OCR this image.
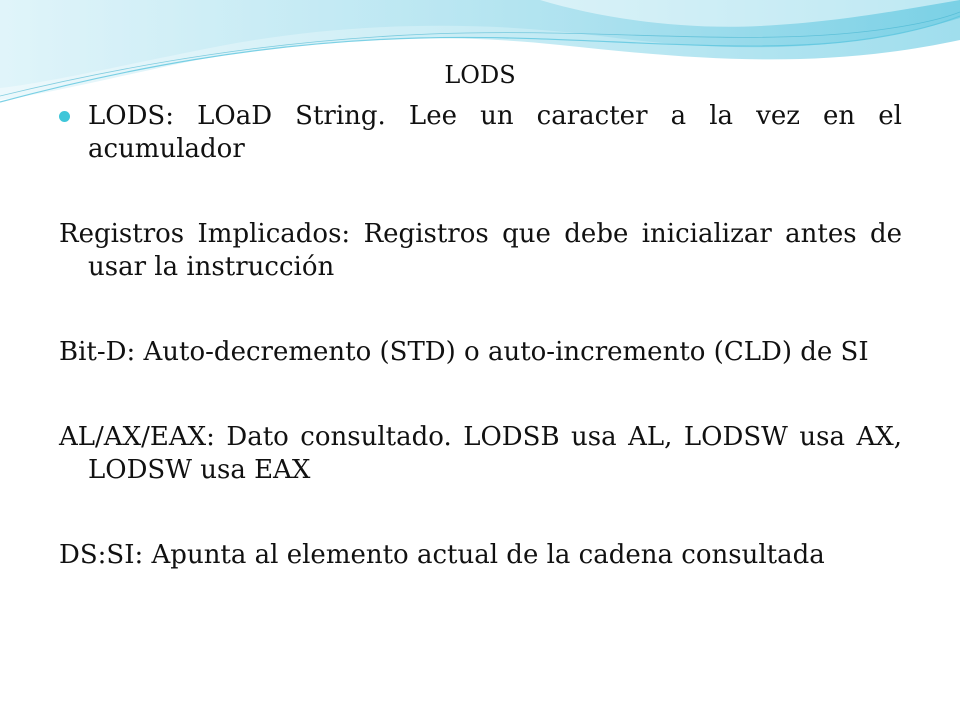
LODS

LODS: LOaD String. Lee un caracter a la vez en el acumulador

Registros Implicados: Registros que debe inicializar antes de usar la instrucción

Bit-D: Auto-decremento (STD) o auto-incremento (CLD) de SI

AL/AX/EAX: Dato consultado. LODSB usa AL, LODSW usa AX, LODSW usa EAX

DS:SI: Apunta al elemento actual de la cadena consultada
